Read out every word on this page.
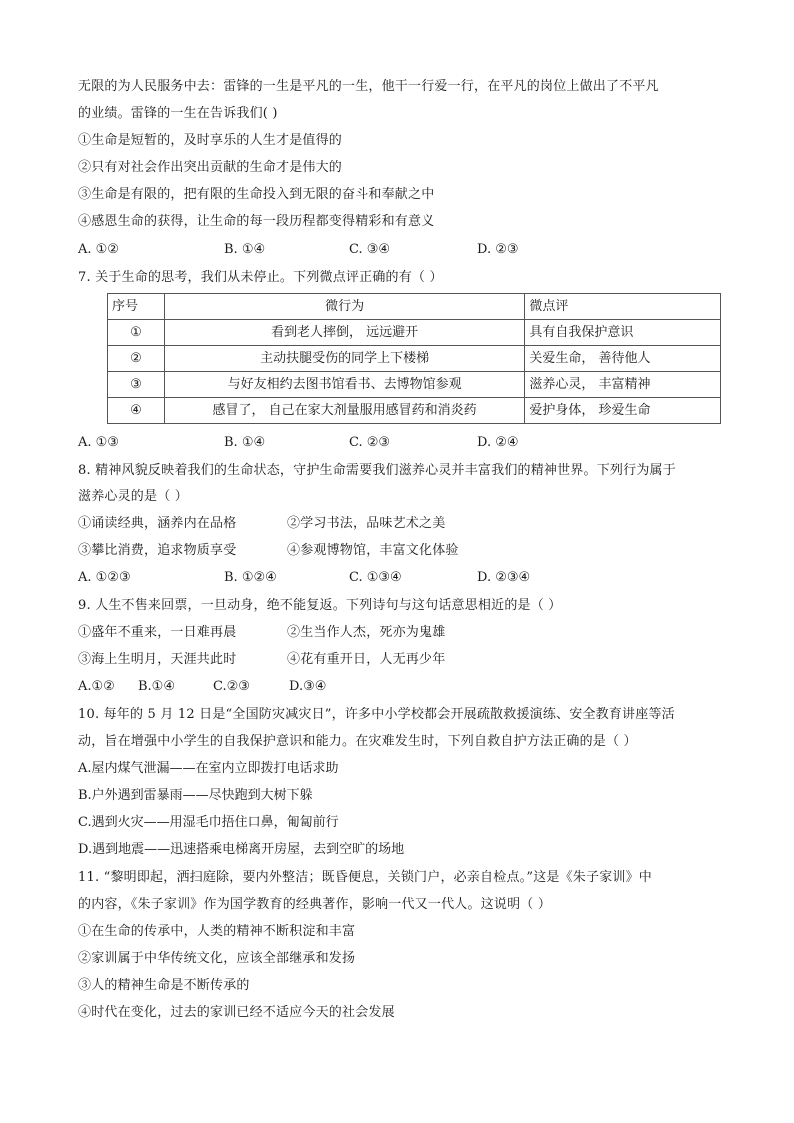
无限的为人民服务中去：雷锋的一生是平凡的一生，他干一行爱一行，在平凡的岗位上做出了不平凡
的业绩。雷锋的一生在告诉我们( )
①生命是短暂的，及时享乐的人生才是值得的
②只有对社会作出突出贡献的生命才是伟大的
③生命是有限的，把有限的生命投入到无限的奋斗和奉献之中
④感恩生命的获得，让生命的每一段历程都变得精彩和有意义
A. ①②	B. ①④	C. ③④	D. ②③
7. 关于生命的思考，我们从未停止。下列微点评正确的有（ ）
序号	微行为	微点评
①	看到老人摔倒， 远远避开	具有自我保护意识
②	主动扶腿受伤的同学上下楼梯	关爱生命， 善待他人
③	与好友相约去图书馆看书、去博物馆参观	滋养心灵， 丰富精神
④	感冒了， 自己在家大剂量服用感冒药和消炎药	爱护身体， 珍爱生命
A. ①③	B. ①④	C. ②③	D. ②④
8. 精神风貌反映着我们的生命状态，守护生命需要我们滋养心灵并丰富我们的精神世界。下列行为属于
滋养心灵的是（ ）
①诵读经典，涵养内在品格	②学习书法，品味艺术之美
③攀比消费，追求物质享受	④参观博物馆，丰富文化体验
A. ①②③	B. ①②④	C. ①③④	D. ②③④
9. 人生不售来回票，一旦动身，绝不能复返。下列诗句与这句话意思相近的是（ ）
①盛年不重来，一日难再晨	②生当作人杰，死亦为鬼雄
③海上生明月，天涯共此时	④花有重开日，人无再少年
A.①② B.①④	C.②③	D.③④
10. 每年的 5 月 12 日是“全国防灾减灾日”，许多中小学校都会开展疏散救援演练、安全教育讲座等活
动，旨在增强中小学生的自我保护意识和能力。在灾难发生时，下列自救自护方法正确的是（ ）
A.屋内煤气泄漏——在室内立即拨打电话求助
B.户外遇到雷暴雨——尽快跑到大树下躲
C.遇到火灾——用湿毛巾捂住口鼻，匍匐前行
D.遇到地震——迅速搭乘电梯离开房屋，去到空旷的场地
11. “黎明即起，洒扫庭除，要内外整洁；既昏便息，关锁门户，必亲自检点。”这是《朱子家训》中
的内容，《朱子家训》作为国学教育的经典著作，影响一代又一代人。这说明（ ）
①在生命的传承中，人类的精神不断积淀和丰富
②家训属于中华传统文化，应该全部继承和发扬
③人的精神生命是不断传承的
④时代在变化，过去的家训已经不适应今天的社会发展
